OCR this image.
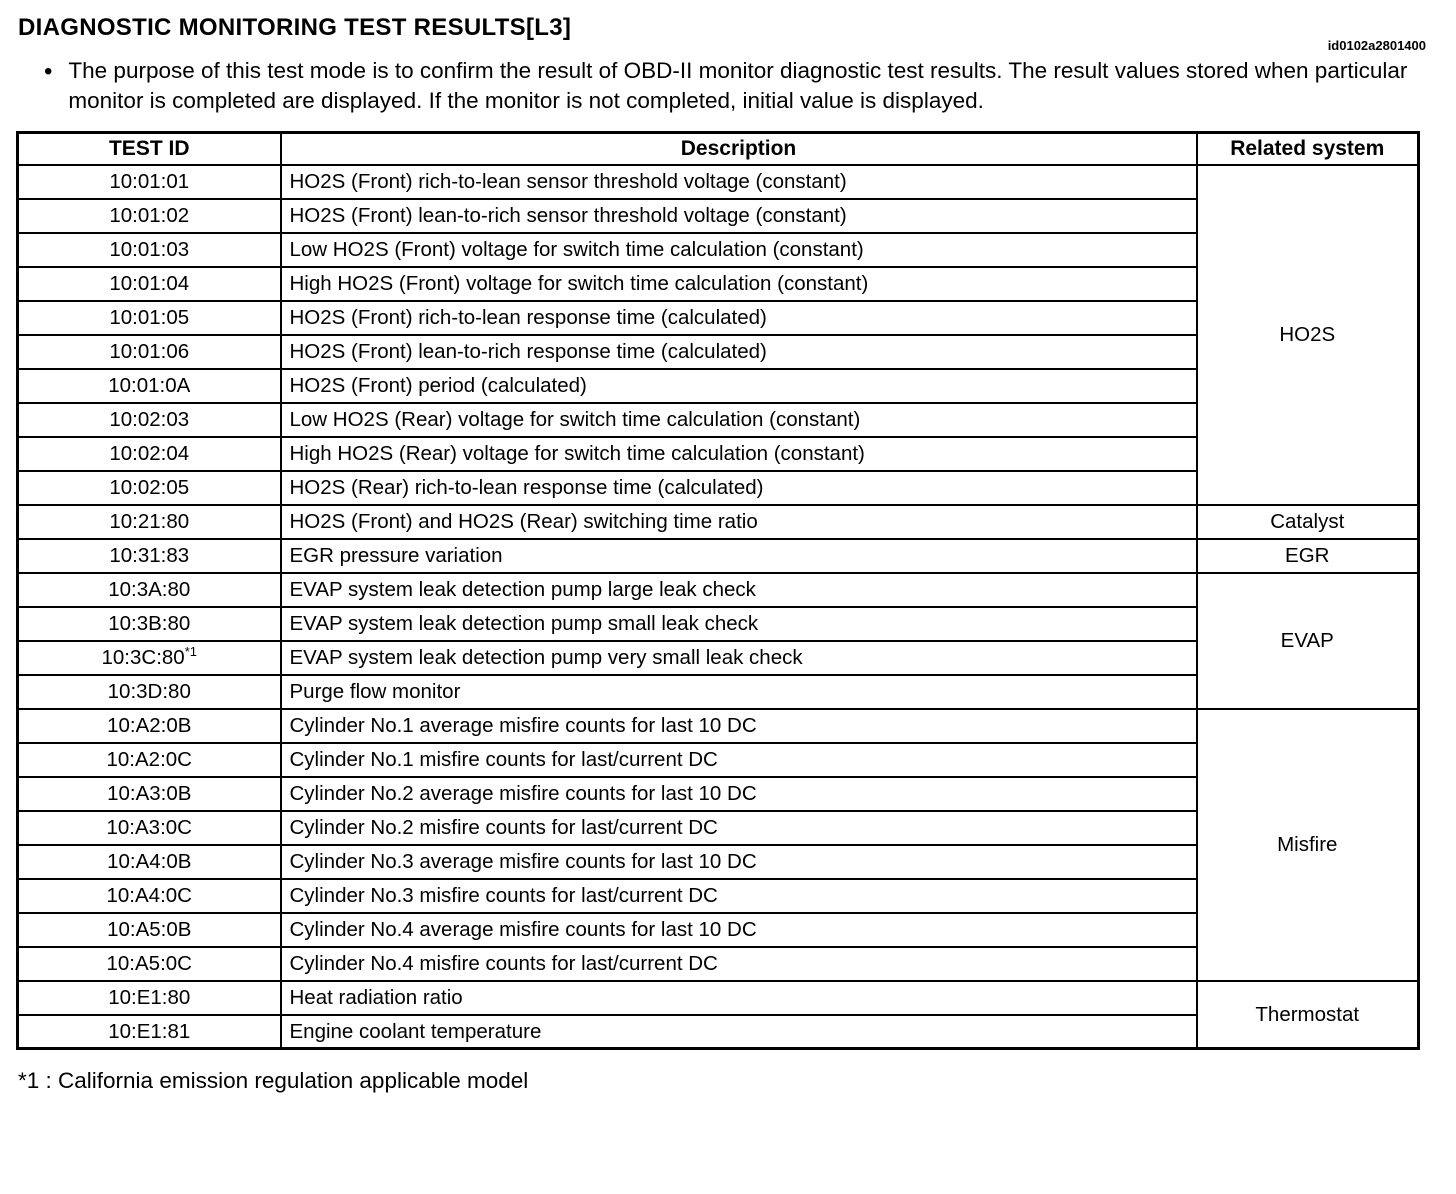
DIAGNOSTIC MONITORING TEST RESULTS[L3]
id0102a2801400
• The purpose of this test mode is to confirm the result of OBD-II monitor diagnostic test results. The result values stored when particular monitor is completed are displayed. If the monitor is not completed, initial value is displayed.
TEST ID	Description	Related system
10:01:01	HO2S (Front) rich-to-lean sensor threshold voltage (constant)	HO2S
10:01:02	HO2S (Front) lean-to-rich sensor threshold voltage (constant)	
10:01:03	Low HO2S (Front) voltage for switch time calculation (constant)	
10:01:04	High HO2S (Front) voltage for switch time calculation (constant)	
10:01:05	HO2S (Front) rich-to-lean response time (calculated)	
10:01:06	HO2S (Front) lean-to-rich response time (calculated)	
10:01:0A	HO2S (Front) period (calculated)	
10:02:03	Low HO2S (Rear) voltage for switch time calculation (constant)	
10:02:04	High HO2S (Rear) voltage for switch time calculation (constant)	
10:02:05	HO2S (Rear) rich-to-lean response time (calculated)	
10:21:80	HO2S (Front) and HO2S (Rear) switching time ratio	Catalyst
10:31:83	EGR pressure variation	EGR
10:3A:80	EVAP system leak detection pump large leak check	EVAP
10:3B:80	EVAP system leak detection pump small leak check	
10:3C:80$^{*1}$	EVAP system leak detection pump very small leak check	
10:3D:80	Purge flow monitor	
10:A2:0B	Cylinder No.1 average misfire counts for last 10 DC	Misfire
10:A2:0C	Cylinder No.1 misfire counts for last/current DC	
10:A3:0B	Cylinder No.2 average misfire counts for last 10 DC	
10:A3:0C	Cylinder No.2 misfire counts for last/current DC	
10:A4:0B	Cylinder No.3 average misfire counts for last 10 DC	
10:A4:0C	Cylinder No.3 misfire counts for last/current DC	
10:A5:0B	Cylinder No.4 average misfire counts for last 10 DC	
10:A5:0C	Cylinder No.4 misfire counts for last/current DC	
10:E1:80	Heat radiation ratio	Thermostat
10:E1:81	Engine coolant temperature	
*1 : California emission regulation applicable model
